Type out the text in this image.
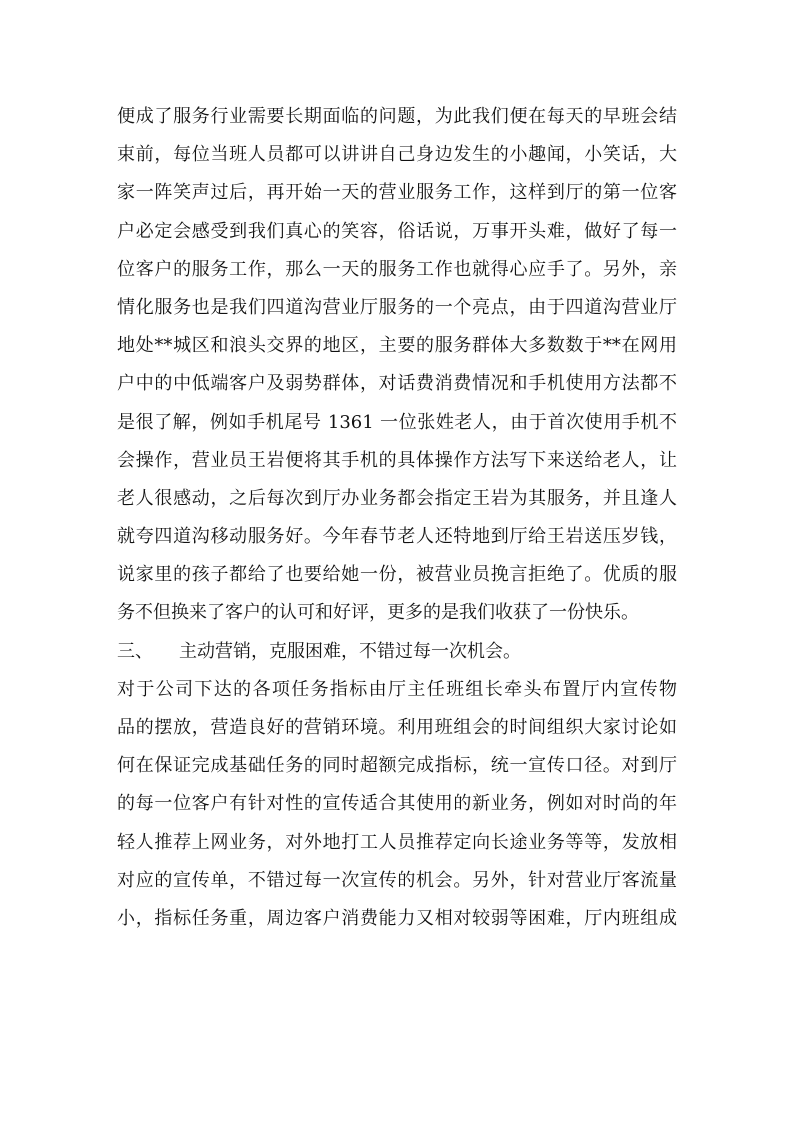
便成了服务行业需要长期面临的问题，为此我们便在每天的早班会结
束前，每位当班人员都可以讲讲自己身边发生的小趣闻，小笑话，大
家一阵笑声过后，再开始一天的营业服务工作，这样到厅的第一位客
户必定会感受到我们真心的笑容，俗话说，万事开头难，做好了每一
位客户的服务工作，那么一天的服务工作也就得心应手了。另外，亲
情化服务也是我们四道沟营业厅服务的一个亮点，由于四道沟营业厅
地处**城区和浪头交界的地区，主要的服务群体大多数数于**在网用
户中的中低端客户及弱势群体，对话费消费情况和手机使用方法都不
是很了解，例如手机尾号 1361 一位张姓老人，由于首次使用手机不
会操作，营业员王岩便将其手机的具体操作方法写下来送给老人，让
老人很感动，之后每次到厅办业务都会指定王岩为其服务，并且逢人
就夸四道沟移动服务好。今年春节老人还特地到厅给王岩送压岁钱，
说家里的孩子都给了也要给她一份，被营业员挽言拒绝了。优质的服
务不但换来了客户的认可和好评，更多的是我们收获了一份快乐。
三、	主动营销，克服困难，不错过每一次机会。
对于公司下达的各项任务指标由厅主任班组长牵头布置厅内宣传物
品的摆放，营造良好的营销环境。利用班组会的时间组织大家讨论如
何在保证完成基础任务的同时超额完成指标，统一宣传口径。对到厅
的每一位客户有针对性的宣传适合其使用的新业务，例如对时尚的年
轻人推荐上网业务，对外地打工人员推荐定向长途业务等等，发放相
对应的宣传单，不错过每一次宣传的机会。另外，针对营业厅客流量
小，指标任务重，周边客户消费能力又相对较弱等困难，厅内班组成
